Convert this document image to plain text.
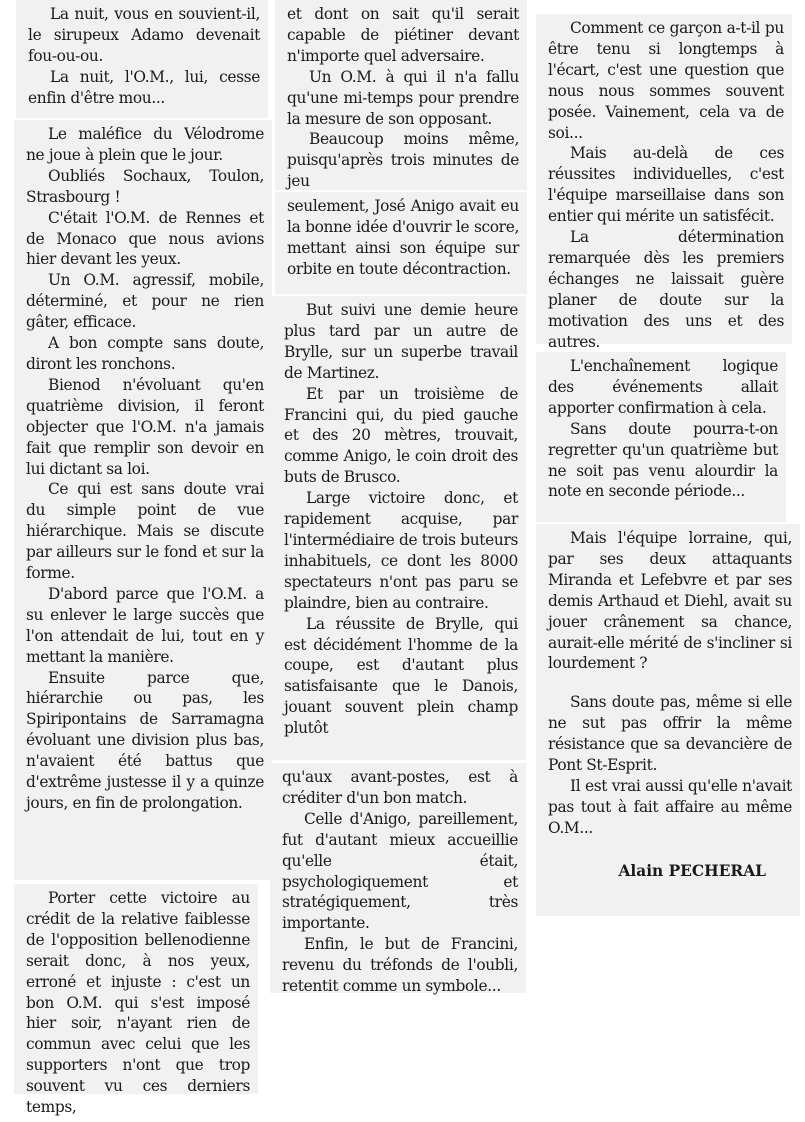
La nuit, vous en souvient-il, le sirupeux Adamo devenait fou-ou-ou.

La nuit, l'O.M., lui, cesse enfin d'être mou...

Le maléfice du Vélodrome ne joue à plein que le jour.

Oubliés Sochaux, Toulon, Strasbourg !

C'était l'O.M. de Rennes et de Monaco que nous avions hier devant les yeux.

Un O.M. agressif, mobile, déterminé, et pour ne rien gâter, efficace.

A bon compte sans doute, diront les ronchons.

Bienod n'évoluant qu'en quatrième division, il feront objecter que l'O.M. n'a jamais fait que remplir son devoir en lui dictant sa loi.

Ce qui est sans doute vrai du simple point de vue hiérarchique. Mais se discute par ailleurs sur le fond et sur la forme.

D'abord parce que l'O.M. a su enlever le large succès que l'on attendait de lui, tout en y mettant la manière.

Ensuite parce que, hiérarchie ou pas, les Spiripontains de Sarramagna évoluant une division plus bas, n'avaient été battus que d'extrême justesse il y a quinze jours, en fin de prolongation.

Porter cette victoire au crédit de la relative faiblesse de l'opposition bellenodienne serait donc, à nos yeux, erroné et injuste : c'est un bon O.M. qui s'est imposé hier soir, n'ayant rien de commun avec celui que les supporters n'ont que trop souvent vu ces derniers temps,

et dont on sait qu'il serait capable de piétiner devant n'importe quel adversaire.

Un O.M. à qui il n'a fallu qu'une mi-temps pour prendre la mesure de son opposant.

Beaucoup moins même, puisqu'après trois minutes de jeu

seulement, José Anigo avait eu la bonne idée d'ouvrir le score, mettant ainsi son équipe sur orbite en toute décontraction.

But suivi une demie heure plus tard par un autre de Brylle, sur un superbe travail de Martinez.

Et par un troisième de Francini qui, du pied gauche et des 20 mètres, trouvait, comme Anigo, le coin droit des buts de Brusco.

Large victoire donc, et rapidement acquise, par l'intermédiaire de trois buteurs inhabituels, ce dont les 8000 spectateurs n'ont pas paru se plaindre, bien au contraire.

La réussite de Brylle, qui est décidément l'homme de la coupe, est d'autant plus satisfaisante que le Danois, jouant souvent plein champ plutôt

qu'aux avant-postes, est à créditer d'un bon match.

Celle d'Anigo, pareillement, fut d'autant mieux accueillie qu'elle était, psychologiquement et stratégiquement, très importante.

Enfin, le but de Francini, revenu du tréfonds de l'oubli, retentit comme un symbole...

Comment ce garçon a-t-il pu être tenu si longtemps à l'écart, c'est une question que nous nous sommes souvent posée. Vainement, cela va de soi...

Mais au-delà de ces réussites individuelles, c'est l'équipe marseillaise dans son entier qui mérite un satisfécit.

La détermination remarquée dès les premiers échanges ne laissait guère planer de doute sur la motivation des uns et des autres.

L'enchaînement logique des événements allait apporter confirmation à cela.

Sans doute pourra-t-on regretter qu'un quatrième but ne soit pas venu alourdir la note en seconde période...

Mais l'équipe lorraine, qui, par ses deux attaquants Miranda et Lefebvre et par ses demis Arthaud et Diehl, avait su jouer crânement sa chance, aurait-elle mérité de s'incliner si lourdement ?

Sans doute pas, même si elle ne sut pas offrir la même résistance que sa devancière de Pont St-Esprit.

Il est vrai aussi qu'elle n'avait pas tout à fait affaire au même O.M...

Alain PECHERAL
